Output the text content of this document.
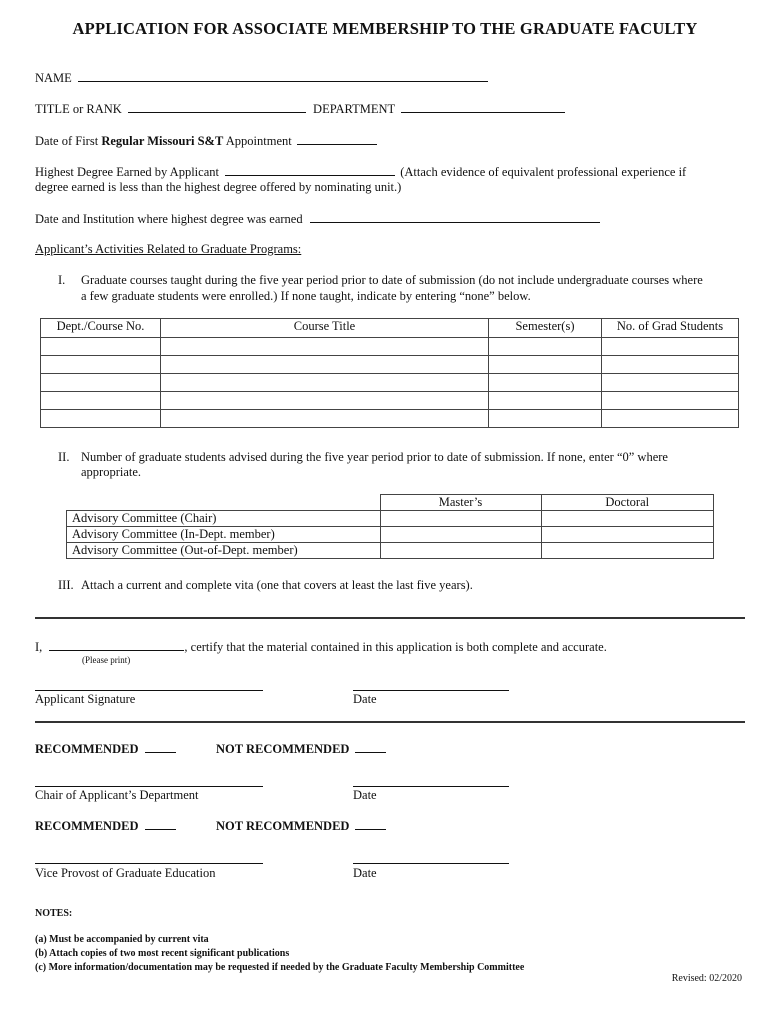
APPLICATION FOR ASSOCIATE MEMBERSHIP TO THE GRADUATE FACULTY
NAME
TITLE or RANK	DEPARTMENT
Date of First Regular Missouri S&T Appointment
Highest Degree Earned by Applicant	(Attach evidence of equivalent professional experience if
degree earned is less than the highest degree offered by nominating unit.)
Date and Institution where highest degree was earned
Applicant’s Activities Related to Graduate Programs:
I. Graduate courses taught during the five year period prior to date of submission (do not include undergraduate courses where
a few graduate students were enrolled.) If none taught, indicate by entering “none” below.
Dept./Course No.	Course Title	Semester(s)	No. of Grad Students

II. Number of graduate students advised during the five year period prior to date of submission. If none, enter “0” where
appropriate.
	Master’s	Doctoral
Advisory Committee (Chair)		
Advisory Committee (In-Dept. member)		
Advisory Committee (Out-of-Dept. member)		
III. Attach a current and complete vita (one that covers at least the last five years).
I,	, certify that the material contained in this application is both complete and accurate.
(Please print)
Applicant Signature	Date
RECOMMENDED	NOT RECOMMENDED
Chair of Applicant’s Department	Date
RECOMMENDED	NOT RECOMMENDED
Vice Provost of Graduate Education	Date
NOTES:
(a) Must be accompanied by current vita
(b) Attach copies of two most recent significant publications
(c) More information/documentation may be requested if needed by the Graduate Faculty Membership Committee
Revised: 02/2020
